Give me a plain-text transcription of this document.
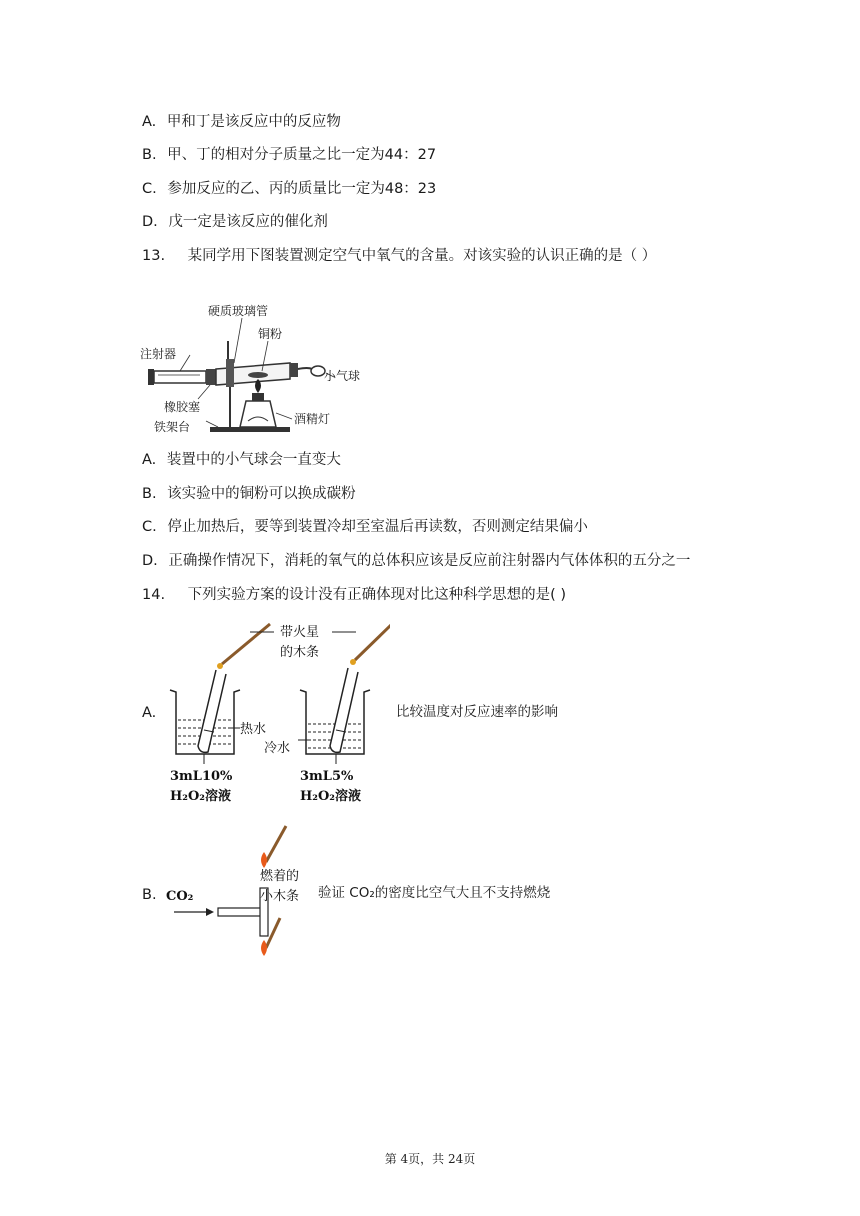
A. 甲和丁是该反应中的反应物
B. 甲、丁的相对分子质量之比一定为44：27
C. 参加反应的乙、丙的质量比一定为48：23
D. 戊一定是该反应的催化剂
13. 某同学用下图装置测定空气中氧气的含量。对该实验的认识正确的是（ ）
硬质玻璃管
注射器
铜粉
小气球
橡胶塞
酒精灯
铁架台
A. 装置中的小气球会一直变大
B. 该实验中的铜粉可以换成碳粉
C. 停止加热后，要等到装置冷却至室温后再读数，否则测定结果偏小
D. 正确操作情况下，消耗的氧气的总体积应该是反应前注射器内气体体积的五分之一
14. 下列实验方案的设计没有正确体现对比这种科学思想的是( )
A.
带火星
的木条
热水
冷水
3mL10%
H₂O₂溶液
3mL5%
H₂O₂溶液
比较温度对反应速率的影响
B. CO₂
燃着的
小木条 验证 CO₂的密度比空气大且不支持燃烧
第 4页，共 24页
